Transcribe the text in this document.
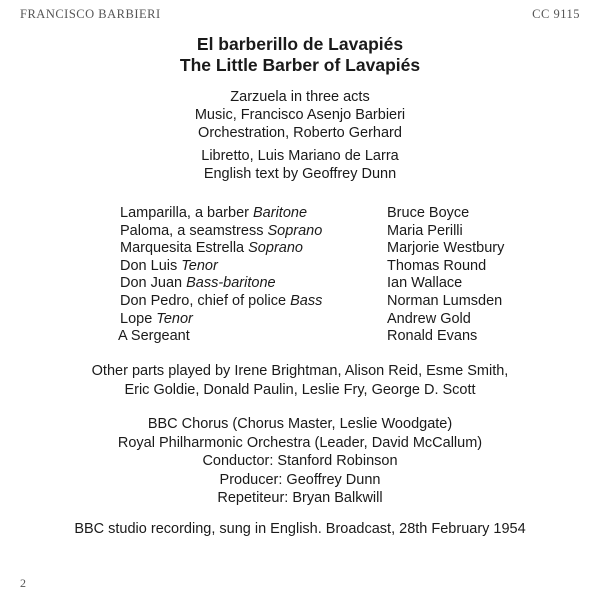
FRANCISCO BARBIERI	CC 9115
El barberillo de Lavapiés
The Little Barber of Lavapiés
Zarzuela in three acts
Music, Francisco Asenjo Barbieri
Orchestration, Roberto Gerhard
Libretto, Luis Mariano de Larra
English text by Geoffrey Dunn
Lamparilla, a barber Baritone	Bruce Boyce
Paloma, a seamstress Soprano	Maria Perilli
Marquesita Estrella Soprano	Marjorie Westbury
Don Luis Tenor	Thomas Round
Don Juan Bass-baritone	Ian Wallace
Don Pedro, chief of police Bass	Norman Lumsden
Lope Tenor	Andrew Gold
A Sergeant	Ronald Evans
Other parts played by Irene Brightman, Alison Reid, Esme Smith,
Eric Goldie, Donald Paulin, Leslie Fry, George D. Scott
BBC Chorus (Chorus Master, Leslie Woodgate)
Royal Philharmonic Orchestra (Leader, David McCallum)
Conductor: Stanford Robinson
Producer: Geoffrey Dunn
Repetiteur: Bryan Balkwill
BBC studio recording, sung in English. Broadcast, 28th February 1954
2
